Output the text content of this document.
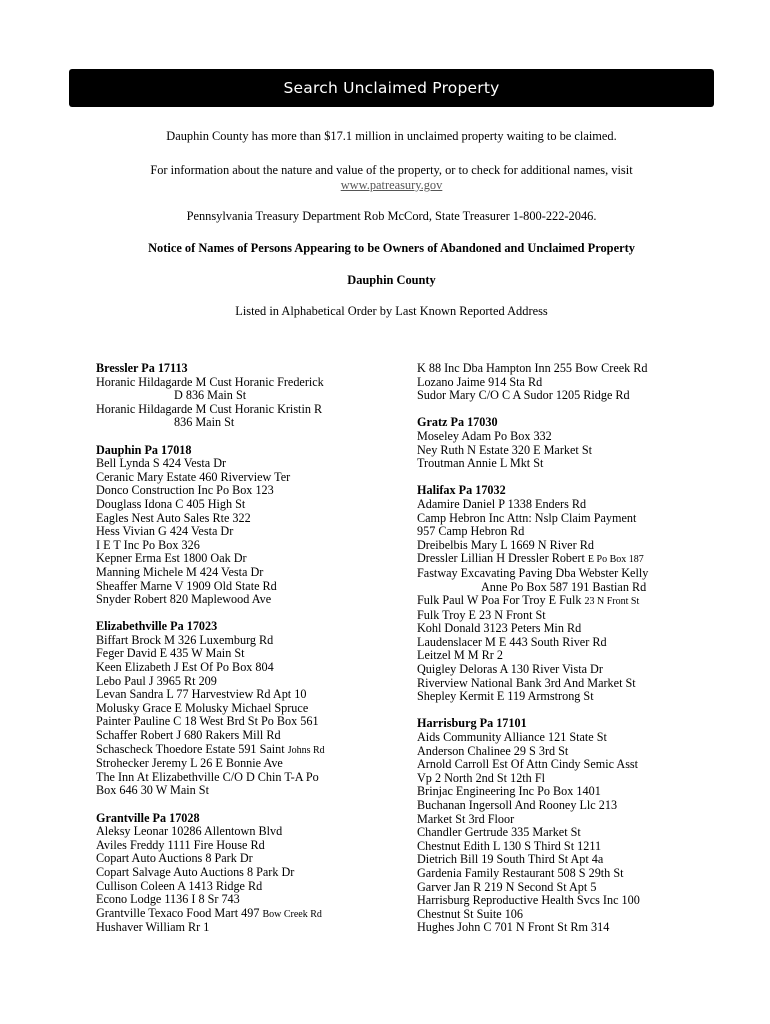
Search Unclaimed Property
Dauphin County has more than $17.1 million in unclaimed property waiting to be claimed.
For information about the nature and value of the property, or to check for additional names, visit
www.patreasury.gov
Pennsylvania Treasury Department Rob McCord, State Treasurer 1-800-222-2046.
Notice of Names of Persons Appearing to be Owners of Abandoned and Unclaimed Property
Dauphin County
Listed in Alphabetical Order by Last Known Reported Address
Bressler Pa 17113
Horanic Hildagarde M Cust Horanic Frederick
D 836 Main St
Horanic Hildagarde M Cust Horanic Kristin R
836 Main St
Dauphin Pa 17018
Bell Lynda S 424 Vesta Dr
Ceranic Mary Estate 460 Riverview Ter
Donco Construction Inc Po Box 123
Douglass Idona C 405 High St
Eagles Nest Auto Sales Rte 322
Hess Vivian G 424 Vesta Dr
I E T Inc Po Box 326
Kepner Erma Est 1800 Oak Dr
Manning Michele M 424 Vesta Dr
Sheaffer Marne V 1909 Old State Rd
Snyder Robert 820 Maplewood Ave
Elizabethville Pa 17023
Biffart Brock M 326 Luxemburg Rd
Feger David E 435 W Main St
Keen Elizabeth J Est Of Po Box 804
Lebo Paul J 3965 Rt 209
Levan Sandra L 77 Harvestview Rd Apt 10
Molusky Grace E Molusky Michael Spruce
Painter Pauline C 18 West Brd St Po Box 561
Schaffer Robert J 680 Rakers Mill Rd
Schascheck Thoedore Estate 591 Saint Johns Rd
Strohecker Jeremy L 26 E Bonnie Ave
The Inn At Elizabethville C/O D Chin T-A Po
Box 646 30 W Main St
Grantville Pa 17028
Aleksy Leonar 10286 Allentown Blvd
Aviles Freddy 1111 Fire House Rd
Copart Auto Auctions 8 Park Dr
Copart Salvage Auto Auctions 8 Park Dr
Cullison Coleen A 1413 Ridge Rd
Econo Lodge 1136 I 8 Sr 743
Grantville Texaco Food Mart 497 Bow Creek Rd
Hushaver William Rr 1
K 88 Inc Dba Hampton Inn 255 Bow Creek Rd
Lozano Jaime 914 Sta Rd
Sudor Mary C/O C A Sudor 1205 Ridge Rd
Gratz Pa 17030
Moseley Adam Po Box 332
Ney Ruth N Estate 320 E Market St
Troutman Annie L Mkt St
Halifax Pa 17032
Adamire Daniel P 1338 Enders Rd
Camp Hebron Inc Attn: Nslp Claim Payment
957 Camp Hebron Rd
Dreibelbis Mary L 1669 N River Rd
Dressler Lillian H Dressler Robert E Po Box 187
Fastway Excavating Paving Dba Webster Kelly
Anne Po Box 587 191 Bastian Rd
Fulk Paul W Poa For Troy E Fulk 23 N Front St
Fulk Troy E 23 N Front St
Kohl Donald 3123 Peters Min Rd
Laudenslacer M E 443 South River Rd
Leitzel M M Rr 2
Quigley Deloras A 130 River Vista Dr
Riverview National Bank 3rd And Market St
Shepley Kermit E 119 Armstrong St
Harrisburg Pa 17101
Aids Community Alliance 121 State St
Anderson Chalinee 29 S 3rd St
Arnold Carroll Est Of Attn Cindy Semic Asst
Vp 2 North 2nd St 12th Fl
Brinjac Engineering Inc Po Box 1401
Buchanan Ingersoll And Rooney Llc 213
Market St 3rd Floor
Chandler Gertrude 335 Market St
Chestnut Edith L 130 S Third St 1211
Dietrich Bill 19 South Third St Apt 4a
Gardenia Family Restaurant 508 S 29th St
Garver Jan R 219 N Second St Apt 5
Harrisburg Reproductive Health Svcs Inc 100
Chestnut St Suite 106
Hughes John C 701 N Front St Rm 314
